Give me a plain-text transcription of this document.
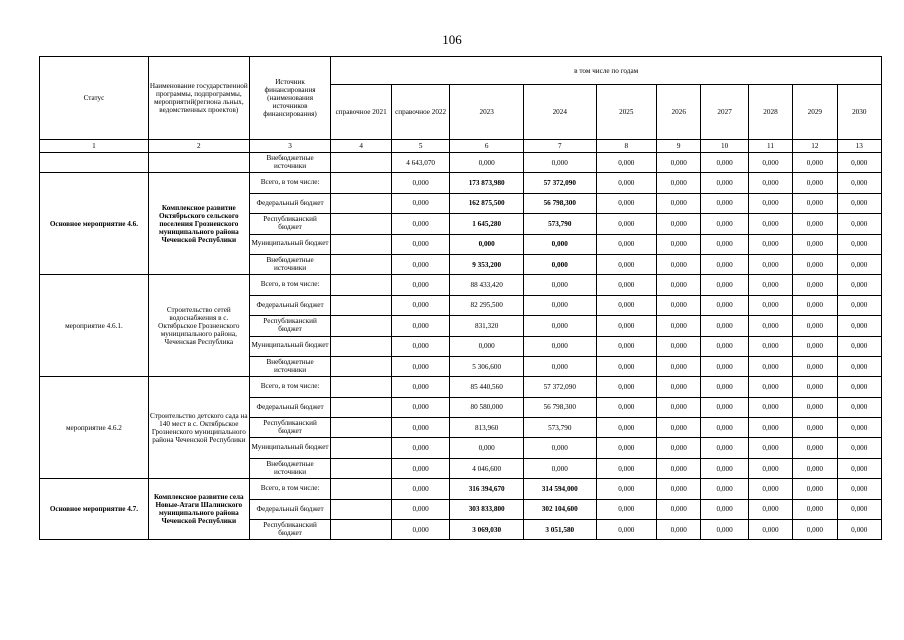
106
Статус	Наименование государственной программы, подпрограммы, мероприятий(регионa льных, ведомственных проектов)	Источник финансирования (наименования источников финансирования)	в том числе по годам									
			справочное 2021	справочное 2022	2023	2024	2025	2026	2027	2028	2029	2030
1	2	3	4	5	6	7	8	9	10	11	12	13
		Внебюджетные источники		4 643,070	0,000	0,000	0,000	0,000	0,000	0,000	0,000	0,000
Основное мероприятие 4.6.	Комплексное развитие Октябрьского сельского поселения Грозненского муниципального района Чеченской Республики	Всего, в том числе:		0,000	173 873,980	57 372,090	0,000	0,000	0,000	0,000	0,000	0,000
		Федеральный бюджет		0,000	162 875,500	56 798,300	0,000	0,000	0,000	0,000	0,000	0,000
		Республиканский бюджет		0,000	1 645,280	573,790	0,000	0,000	0,000	0,000	0,000	0,000
		Муниципальный бюджет		0,000	0,000	0,000	0,000	0,000	0,000	0,000	0,000	0,000
		Внебюджетные источники		0,000	9 353,200	0,000	0,000	0,000	0,000	0,000	0,000	0,000
мероприятие 4.6.1.	Строительство сетей водоснабжения в с. Октябрьское Грозненского муниципального района, Чеченская Республика	Всего, в том числе:		0,000	88 433,420	0,000	0,000	0,000	0,000	0,000	0,000	0,000
		Федеральный бюджет		0,000	82 295,500	0,000	0,000	0,000	0,000	0,000	0,000	0,000
		Республиканский бюджет		0,000	831,320	0,000	0,000	0,000	0,000	0,000	0,000	0,000
		Муниципальный бюджет		0,000	0,000	0,000	0,000	0,000	0,000	0,000	0,000	0,000
		Внебюджетные источники		0,000	5 306,600	0,000	0,000	0,000	0,000	0,000	0,000	0,000
мероприятие 4.6.2	Строительство детского сада на 140 мест в с. Октябрьское Грозненского муниципального района Чеченской Республики	Всего, в том числе:		0,000	85 440,560	57 372,090	0,000	0,000	0,000	0,000	0,000	0,000
		Федеральный бюджет		0,000	80 580,000	56 798,300	0,000	0,000	0,000	0,000	0,000	0,000
		Республиканский бюджет		0,000	813,960	573,790	0,000	0,000	0,000	0,000	0,000	0,000
		Муниципальный бюджет		0,000	0,000	0,000	0,000	0,000	0,000	0,000	0,000	0,000
		Внебюджетные источники		0,000	4 046,600	0,000	0,000	0,000	0,000	0,000	0,000	0,000
Основное мероприятие 4.7.	Комплексное развитие села Новые-Атаги Шалинского муниципального района Чеченской Республики	Всего, в том числе:		0,000	316 394,670	314 594,000	0,000	0,000	0,000	0,000	0,000	0,000
		Федеральный бюджет		0,000	303 833,800	302 104,600	0,000	0,000	0,000	0,000	0,000	0,000
		Республиканский бюджет		0,000	3 069,030	3 051,580	0,000	0,000	0,000	0,000	0,000	0,000
